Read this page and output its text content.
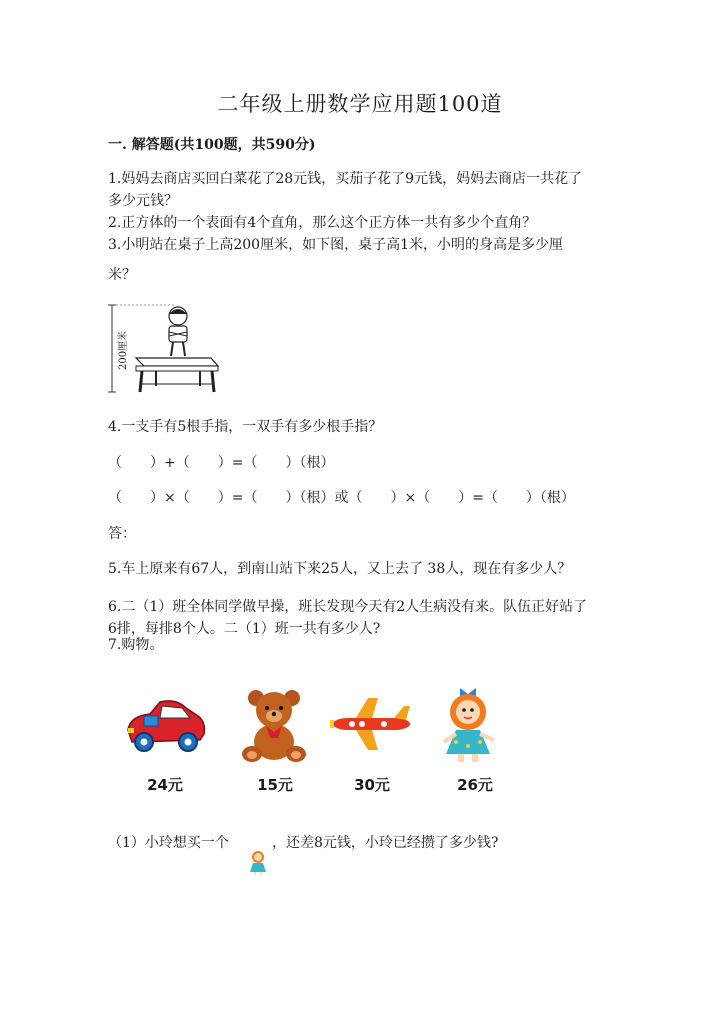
二年级上册数学应用题100道
一. 解答题(共100题，共590分)
1.妈妈去商店买回白菜花了28元钱，买茄子花了9元钱，妈妈去商店一共花了
多少元钱？
2.正方体的一个表面有4个直角，那么这个正方体一共有多少个直角？
3.小明站在桌子上高200厘米，如下图，桌子高1米，小明的身高是多少厘
米？
200厘米
4.一支手有5根手指，一双手有多少根手指？
（　　）+（　　）=（　　）（根）
（　　）×（　　）=（　　）（根）或（　　）×（　　）=（　　）（根）
答：
5.车上原来有67人，到南山站下来25人，又上去了 38人，现在有多少人？
6.二（1）班全体同学做早操，班长发现今天有2人生病没有来。队伍正好站了
6排，每排8个人。二（1）班一共有多少人?
7.购物。
24元	15元	30元	26元
（1）小玲想买一个	，还差8元钱，小玲已经攒了多少钱?
